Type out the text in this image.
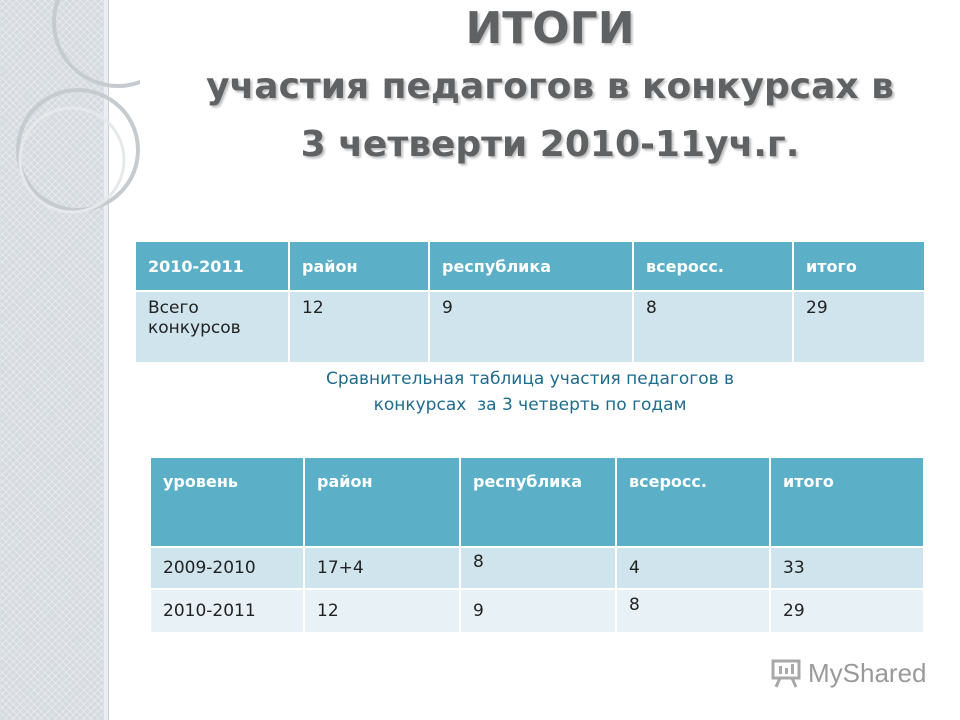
ИТОГИ
участия педагогов в конкурсах в
3 четверти 2010-11уч.г.
2010-2011	район	республика	всеросс.	итого
Всего конкурсов	12	9	8	29
Сравнительная таблица участия педагогов в
конкурсах  за 3 четверть по годам
уровень	район	республика	всеросс.	итого
2009-2010	17+4	8	4	33
2010-2011	12	9	8	29
MyShared
